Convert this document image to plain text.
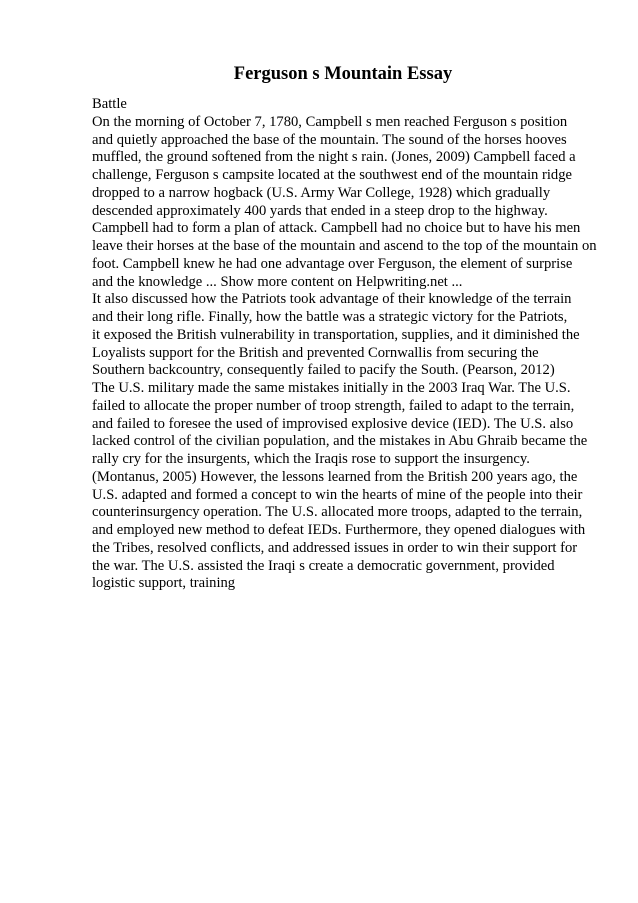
Ferguson s Mountain Essay
Battle
On the morning of October 7, 1780, Campbell s men reached Ferguson s position
and quietly approached the base of the mountain. The sound of the horses hooves
muffled, the ground softened from the night s rain. (Jones, 2009) Campbell faced a
challenge, Ferguson s campsite located at the southwest end of the mountain ridge
dropped to a narrow hogback (U.S. Army War College, 1928) which gradually
descended approximately 400 yards that ended in a steep drop to the highway.
Campbell had to form a plan of attack. Campbell had no choice but to have his men
leave their horses at the base of the mountain and ascend to the top of the mountain on
foot. Campbell knew he had one advantage over Ferguson, the element of surprise
and the knowledge ... Show more content on Helpwriting.net ...
It also discussed how the Patriots took advantage of their knowledge of the terrain
and their long rifle. Finally, how the battle was a strategic victory for the Patriots,
it exposed the British vulnerability in transportation, supplies, and it diminished the
Loyalists support for the British and prevented Cornwallis from securing the
Southern backcountry, consequently failed to pacify the South. (Pearson, 2012)
The U.S. military made the same mistakes initially in the 2003 Iraq War. The U.S.
failed to allocate the proper number of troop strength, failed to adapt to the terrain,
and failed to foresee the used of improvised explosive device (IED). The U.S. also
lacked control of the civilian population, and the mistakes in Abu Ghraib became the
rally cry for the insurgents, which the Iraqis rose to support the insurgency.
(Montanus, 2005) However, the lessons learned from the British 200 years ago, the
U.S. adapted and formed a concept to win the hearts of mine of the people into their
counterinsurgency operation. The U.S. allocated more troops, adapted to the terrain,
and employed new method to defeat IEDs. Furthermore, they opened dialogues with
the Tribes, resolved conflicts, and addressed issues in order to win their support for
the war. The U.S. assisted the Iraqi s create a democratic government, provided
logistic support, training
